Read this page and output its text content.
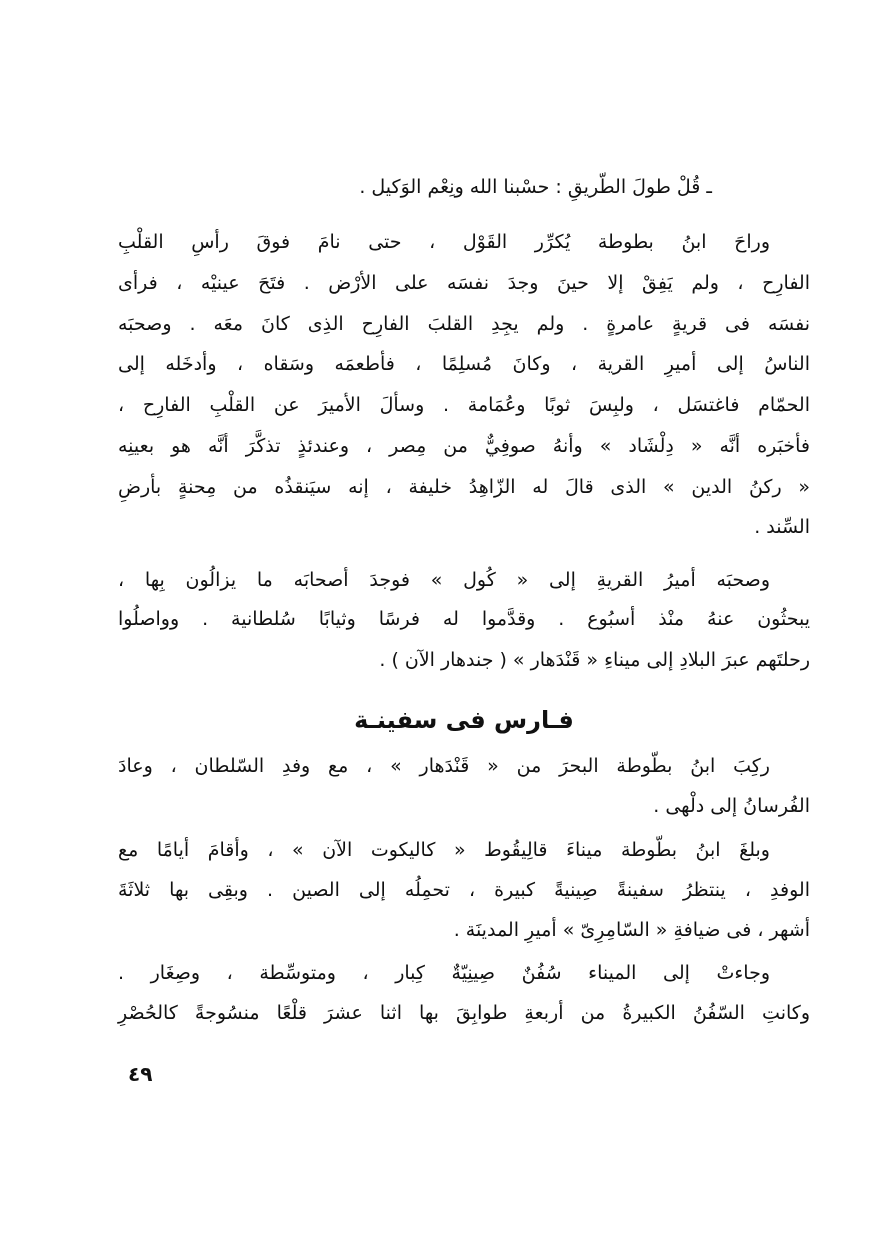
ـ قُلْ طولَ الطّريقِ : حسْبنا الله ونِعْم الوَكيل .
وراحَ ابنُ بطوطة يُكرِّر القَوْل ، حتى نامَ فوقَ رأسِ القلْبِ
الفارِح ، ولم يَفِقْ إلا حينَ وجدَ نفسَه على الأرْض . فتَحَ عينيْه ، فرأى
نفسَه فى قريةٍ عامرةٍ . ولم يجِدِ القلبَ الفارِح الذِى كانَ معَه . وصحبَه
الناسُ إلى أميرِ القرية ، وكانَ مُسلِمًا ، فأطعمَه وسَقاه ، وأدخَله إلى
الحمّام فاغتسَل ، ولبِسَ ثوبًا وعُمَامة . وسألَ الأميرَ عن القلْبِ الفارِح ،
فأخبَره أنَّه « دِلْشَاد » وأنهُ صوفِيٌّ من مِصر ، وعندئذٍ تذكَّرَ أنَّه هو بعينِه
« ركنُ الدين » الذى قالَ له الزّاهِدُ خليفة ، إنه سيَنقذُه من مِحنةٍ بأرضِ
السِّند .
وصحبَه أميرُ القريةِ إلى « كُول » فوجدَ أصحابَه ما يزالُون بِها ،
يبحثُون عنهُ منْذ أسبُوع . وقدَّموا له فرسًا وثيابًا سُلطانية . وواصلُوا
رحلتَهم عبرَ البلادِ إلى ميناءِ « قَنْدَهار » ( جندهار الآن ) .
فـارس فى سفينـة
ركِبَ ابنُ بطّوطة البحرَ من « قَنْدَهار » ، مع وفدِ السّلطان ، وعادَ
الفُرسانُ إلى دلْهى .
وبلغَ ابنُ بطّوطة ميناءَ قالِيقُوط « كاليكوت الآن » ، وأقامَ أيامًا مع
الوفدِ ، ينتظرُ سفينةً صِينيةً كبيرة ، تحمِلُه إلى الصين . وبقِى بها ثلاثَةَ
أشهر ، فى ضيافةِ « السّامِرِىّ » أميرِ المدينَة .
وجاءتْ إلى الميناء سُفُنٌ صِينِيّةٌ كِبار ، ومتوسِّطة ، وصِغَار .
وكانتِ السّفُنُ الكبيرةُ من أربعةِ طوابِقَ بها اثنا عشرَ قلْعًا منسُوجةً كالحُصْرِ
٤٩
